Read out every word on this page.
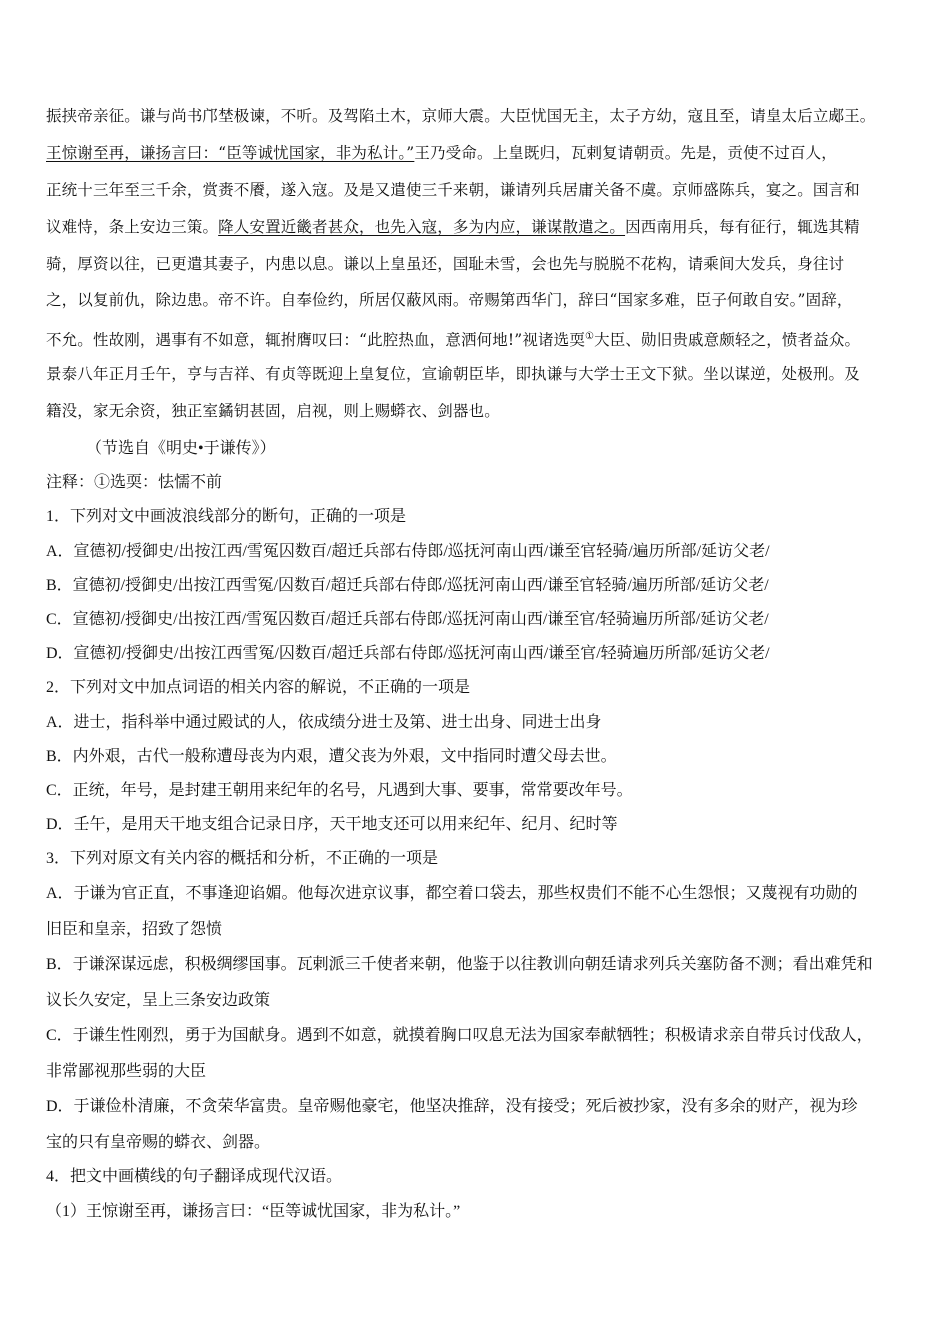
振挟帝亲征。谦与尚书邝埜极谏，不听。及驾陷土木，京师大震。大臣忧国无主，太子方幼，寇且至，请皇太后立郕王。
王惊谢至再，谦扬言曰：“臣等诚忧国家，非为私计。”王乃受命。上皇既归，瓦剌复请朝贡。先是，贡使不过百人，
正统十三年至三千余，赏赉不餍，遂入寇。及是又遣使三千来朝，谦请列兵居庸关备不虞。京师盛陈兵，宴之。国言和
议难恃，条上安边三策。降人安置近畿者甚众，也先入寇，多为内应，谦谋散遣之。因西南用兵，每有征行，辄选其精
骑，厚资以往，已更遣其妻子，内患以息。谦以上皇虽还，国耻未雪，会也先与脱脱不花构，请乘间大发兵，身往讨
之，以复前仇，除边患。帝不许。自奉俭约，所居仅蔽风雨。帝赐第西华门，辞曰“国家多难，臣子何敢自安。”固辞，
不允。性故刚，遇事有不如意，辄拊膺叹曰：“此腔热血，意洒何地!”视诸选耎①大臣、勋旧贵戚意颇轻之，愤者益众。
景泰八年正月壬午，亨与吉祥、有贞等既迎上皇复位，宣谕朝臣毕，即执谦与大学士王文下狱。坐以谋逆，处极刑。及
籍没，家无余资，独正室鐍钥甚固，启视，则上赐蟒衣、剑器也。
（节选自《明史•于谦传》）
注释：①选耎：怯懦不前
1．下列对文中画波浪线部分的断句，正确的一项是
A．宣德初/授御史/出按江西/雪冤囚数百/超迁兵部右侍郎/巡抚河南山西/谦至官轻骑/遍历所部/延访父老/
B．宣德初/授御史/出按江西雪冤/囚数百/超迁兵部右侍郎/巡抚河南山西/谦至官轻骑/遍历所部/延访父老/
C．宣德初/授御史/出按江西/雪冤囚数百/超迁兵部右侍郎/巡抚河南山西/谦至官/轻骑遍历所部/延访父老/
D．宣德初/授御史/出按江西雪冤/囚数百/超迁兵部右侍郎/巡抚河南山西/谦至官/轻骑遍历所部/延访父老/
2．下列对文中加点词语的相关内容的解说，不正确的一项是
A．进士，指科举中通过殿试的人，依成绩分进士及第、进士出身、同进士出身
B．内外艰，古代一般称遭母丧为内艰，遭父丧为外艰，文中指同时遭父母去世。
C．正统，年号，是封建王朝用来纪年的名号，凡遇到大事、要事，常常要改年号。
D．壬午，是用天干地支组合记录日序，天干地支还可以用来纪年、纪月、纪时等
3．下列对原文有关内容的概括和分析，不正确的一项是
A．于谦为官正直，不事逢迎谄媚。他每次进京议事，都空着口袋去，那些权贵们不能不心生怨恨；又蔑视有功勋的
旧臣和皇亲，招致了怨愤
B．于谦深谋远虑，积极绸缪国事。瓦剌派三千使者来朝，他鉴于以往教训向朝廷请求列兵关塞防备不测；看出难凭和
议长久安定，呈上三条安边政策
C．于谦生性刚烈，勇于为国献身。遇到不如意，就摸着胸口叹息无法为国家奉献牺牲；积极请求亲自带兵讨伐敌人，
非常鄙视那些弱的大臣
D．于谦俭朴清廉，不贪荣华富贵。皇帝赐他豪宅，他坚决推辞，没有接受；死后被抄家，没有多余的财产，视为珍
宝的只有皇帝赐的蟒衣、剑器。
4．把文中画横线的句子翻译成现代汉语。
（1）王惊谢至再，谦扬言曰：“臣等诚忧国家，非为私计。”
